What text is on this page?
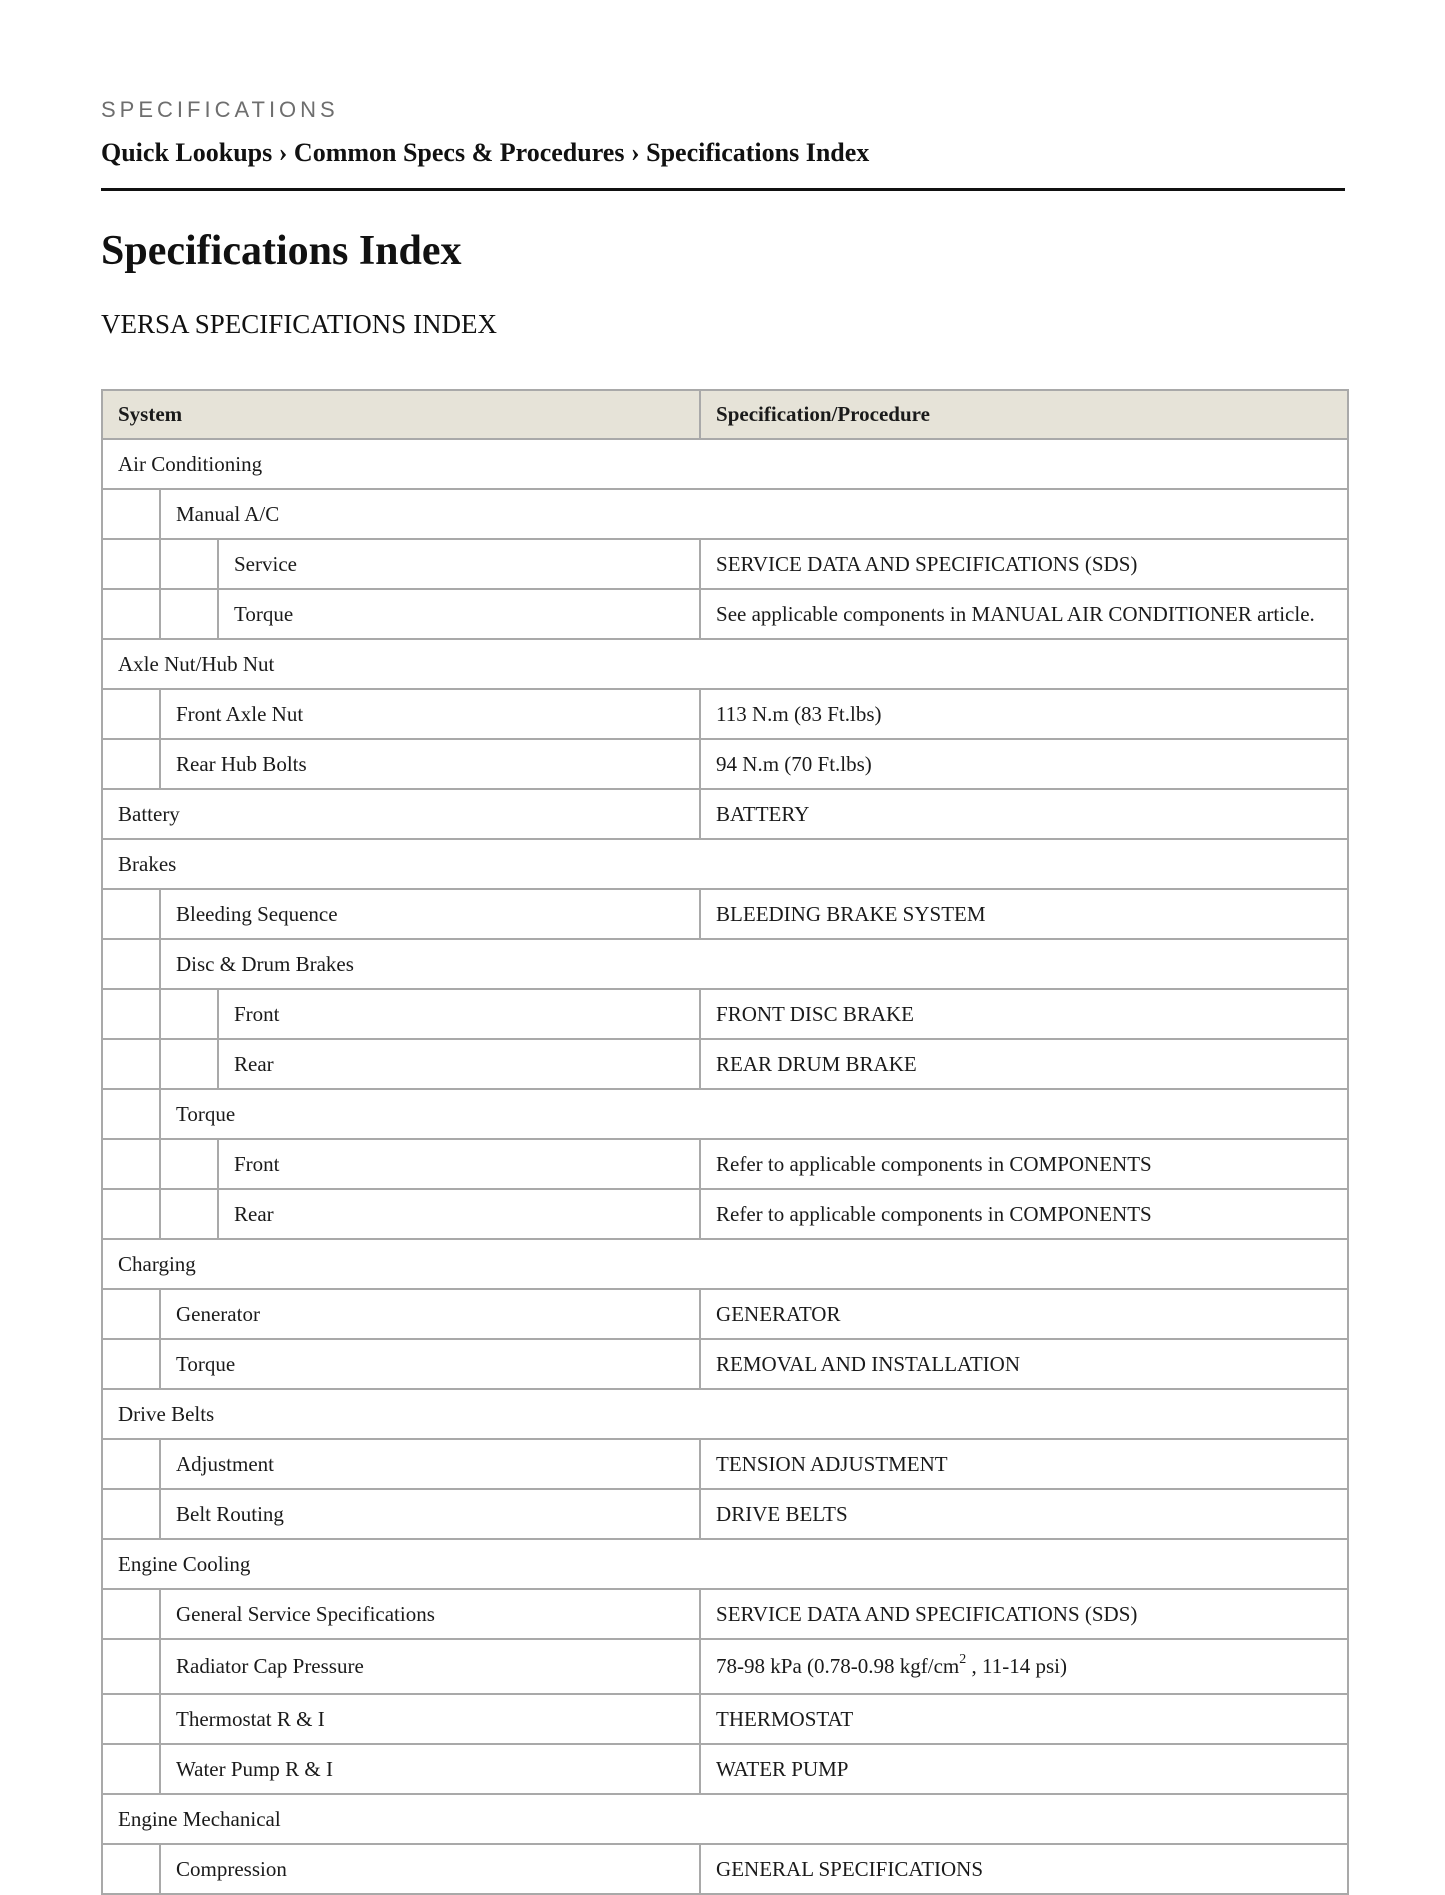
SPECIFICATIONS
Quick Lookups › Common Specs & Procedures › Specifications Index
Specifications Index
VERSA SPECIFICATIONS INDEX
System			Specification/Procedure
Air Conditioning			
	Manual A/C		
		Service	SERVICE DATA AND SPECIFICATIONS (SDS)
		Torque	See applicable components in MANUAL AIR CONDITIONER article.
Axle Nut/Hub Nut			
	Front Axle Nut		113 N.m (83 Ft.lbs)
	Rear Hub Bolts		94 N.m (70 Ft.lbs)
Battery			BATTERY
Brakes			
	Bleeding Sequence		BLEEDING BRAKE SYSTEM
	Disc & Drum Brakes		
		Front	FRONT DISC BRAKE
		Rear	REAR DRUM BRAKE
	Torque		
		Front	Refer to applicable components in COMPONENTS
		Rear	Refer to applicable components in COMPONENTS
Charging			
	Generator		GENERATOR
	Torque		REMOVAL AND INSTALLATION
Drive Belts			
	Adjustment		TENSION ADJUSTMENT
	Belt Routing		DRIVE BELTS
Engine Cooling			
	General Service Specifications		SERVICE DATA AND SPECIFICATIONS (SDS)
	Radiator Cap Pressure		78-98 kPa (0.78-0.98 kgf/$cm^2$ , 11-14 psi)
	Thermostat R & I		THERMOSTAT
	Water Pump R & I		WATER PUMP
Engine Mechanical			
	Compression		GENERAL SPECIFICATIONS
